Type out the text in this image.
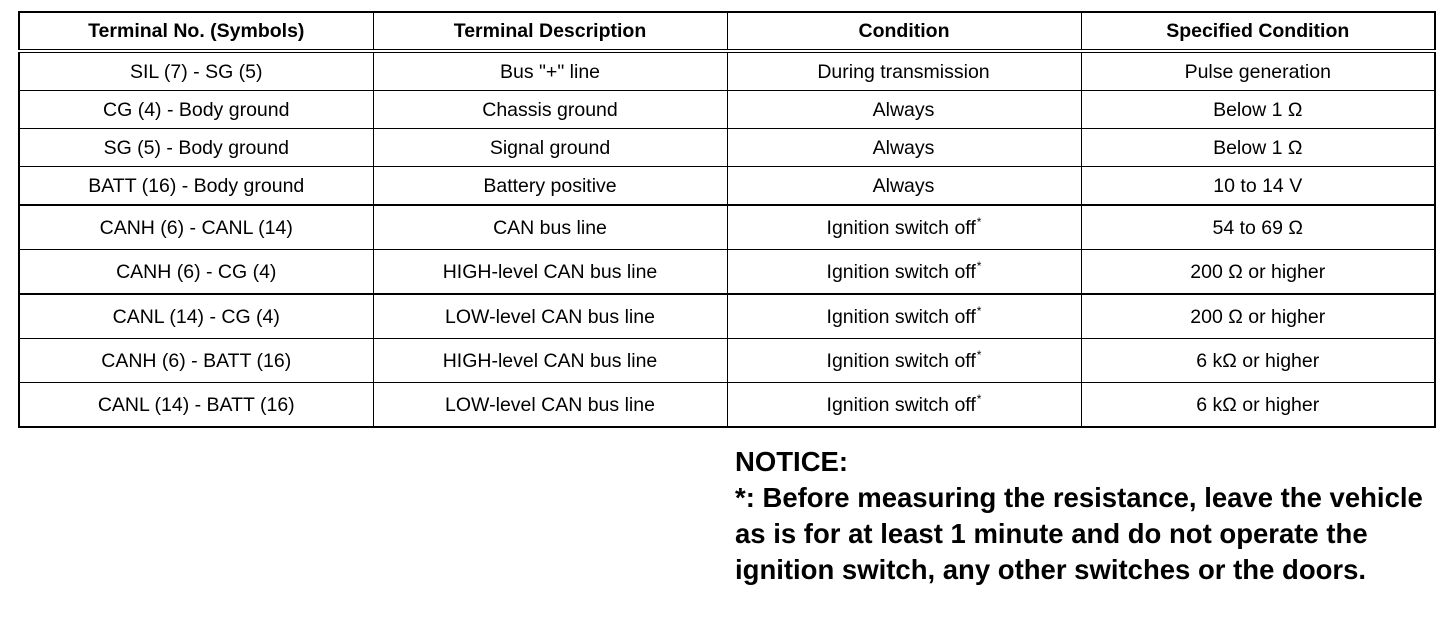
Terminal No. (Symbols)	Terminal Description	Condition	Specified Condition
SIL (7) - SG (5)	Bus "+" line	During transmission	Pulse generation
CG (4) - Body ground	Chassis ground	Always	Below 1 Ω
SG (5) - Body ground	Signal ground	Always	Below 1 Ω
BATT (16) - Body ground	Battery positive	Always	10 to 14 V
CANH (6) - CANL (14)	CAN bus line	Ignition switch off*	54 to 69 Ω
CANH (6) - CG (4)	HIGH-level CAN bus line	Ignition switch off*	200 Ω or higher
CANL (14) - CG (4)	LOW-level CAN bus line	Ignition switch off*	200 Ω or higher
CANH (6) - BATT (16)	HIGH-level CAN bus line	Ignition switch off*	6 kΩ or higher
CANL (14) - BATT (16)	LOW-level CAN bus line	Ignition switch off*	6 kΩ or higher

NOTICE:

*: Before measuring the resistance, leave the vehicle as is for at least 1 minute and do not operate the ignition switch, any other switches or the doors.
